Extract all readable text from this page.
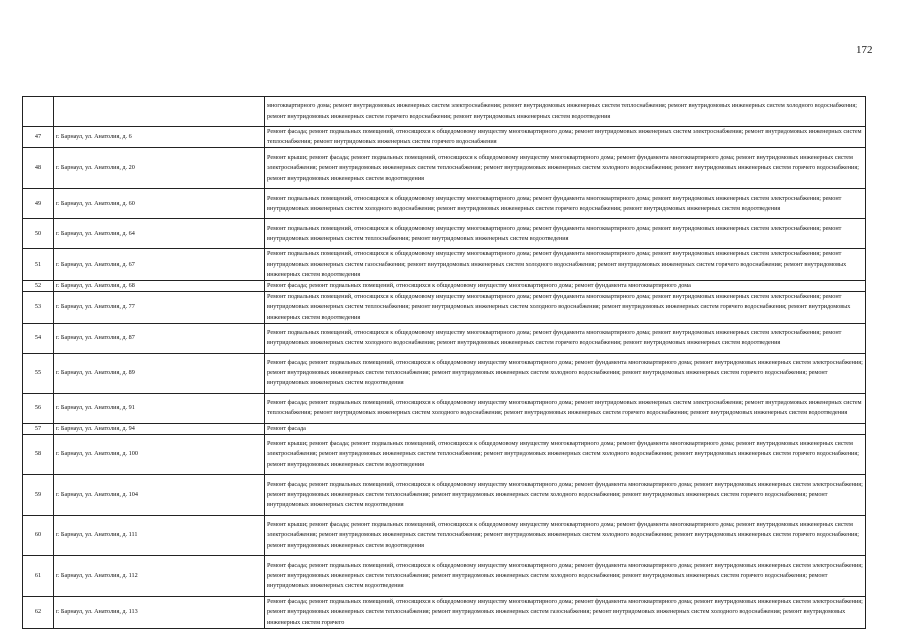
172
		многоквартирного дома; ремонт внутридомовых инженерных систем электроснабжения; ремонт внутридомовых инженерных систем теплоснабжения; ремонт внутридомовых инженерных систем холодного водоснабжения; ремонт внутридомовых инженерных систем горячего водоснабжения; ремонт внутридомовых инженерных систем водоотведения
47	г. Барнаул, ул. Анатолия, д. 6	Ремонт фасада; ремонт подвальных помещений, относящихся к общедомовому имуществу многоквартирного дома; ремонт внутридомовых инженерных систем электроснабжения; ремонт внутридомовых инженерных систем теплоснабжения; ремонт внутридомовых инженерных систем горячего водоснабжения
48	г. Барнаул, ул. Анатолия, д. 20	Ремонт крыши; ремонт фасада; ремонт подвальных помещений, относящихся к общедомовому имуществу многоквартирного дома; ремонт фундамента многоквартирного дома; ремонт внутридомовых инженерных систем электроснабжения; ремонт внутридомовых инженерных систем теплоснабжения; ремонт внутридомовых инженерных систем холодного водоснабжения; ремонт внутридомовых инженерных систем горячего водоснабжения; ремонт внутридомовых инженерных систем водоотведения
49	г. Барнаул, ул. Анатолия, д. 60	Ремонт подвальных помещений, относящихся к общедомовому имуществу многоквартирного дома; ремонт фундамента многоквартирного дома; ремонт внутридомовых инженерных систем электроснабжения; ремонт внутридомовых инженерных систем холодного водоснабжения; ремонт внутридомовых инженерных систем горячего водоснабжения; ремонт внутридомовых инженерных систем водоотведения
50	г. Барнаул, ул. Анатолия, д. 64	Ремонт подвальных помещений, относящихся к общедомовому имуществу многоквартирного дома; ремонт фундамента многоквартирного дома; ремонт внутридомовых инженерных систем электроснабжения; ремонт внутридомовых инженерных систем теплоснабжения; ремонт внутридомовых инженерных систем водоотведения
51	г. Барнаул, ул. Анатолия, д. 67	Ремонт подвальных помещений, относящихся к общедомовому имуществу многоквартирного дома; ремонт фундамента многоквартирного дома; ремонт внутридомовых инженерных систем электроснабжения; ремонт внутридомовых инженерных систем газоснабжения; ремонт внутридомовых инженерных систем холодного водоснабжения; ремонт внутридомовых инженерных систем горячего водоснабжения; ремонт внутридомовых инженерных систем водоотведения
52	г. Барнаул, ул. Анатолия, д. 68	Ремонт фасада; ремонт подвальных помещений, относящихся к общедомовому имуществу многоквартирного дома; ремонт фундамента многоквартирного дома
53	г. Барнаул, ул. Анатолия, д. 77	Ремонт подвальных помещений, относящихся к общедомовому имуществу многоквартирного дома; ремонт фундамента многоквартирного дома; ремонт внутридомовых инженерных систем электроснабжения; ремонт внутридомовых инженерных систем теплоснабжения; ремонт внутридомовых инженерных систем холодного водоснабжения; ремонт внутридомовых инженерных систем горячего водоснабжения; ремонт внутридомовых инженерных систем водоотведения
54	г. Барнаул, ул. Анатолия, д. 87	Ремонт подвальных помещений, относящихся к общедомовому имуществу многоквартирного дома; ремонт фундамента многоквартирного дома; ремонт внутридомовых инженерных систем электроснабжения; ремонт внутридомовых инженерных систем холодного водоснабжения; ремонт внутридомовых инженерных систем горячего водоснабжения; ремонт внутридомовых инженерных систем водоотведения
55	г. Барнаул, ул. Анатолия, д. 89	Ремонт фасада; ремонт подвальных помещений, относящихся к общедомовому имуществу многоквартирного дома; ремонт фундамента многоквартирного дома; ремонт внутридомовых инженерных систем электроснабжения; ремонт внутридомовых инженерных систем теплоснабжения; ремонт внутридомовых инженерных систем холодного водоснабжения; ремонт внутридомовых инженерных систем горячего водоснабжения; ремонт внутридомовых инженерных систем водоотведения
56	г. Барнаул, ул. Анатолия, д. 91	Ремонт фасада; ремонт подвальных помещений, относящихся к общедомовому имуществу многоквартирного дома; ремонт внутридомовых инженерных систем электроснабжения; ремонт внутридомовых инженерных систем теплоснабжения; ремонт внутридомовых инженерных систем холодного водоснабжения; ремонт внутридомовых инженерных систем горячего водоснабжения; ремонт внутридомовых инженерных систем водоотведения
57	г. Барнаул, ул. Анатолия, д. 94	Ремонт фасада
58	г. Барнаул, ул. Анатолия, д. 100	Ремонт крыши; ремонт фасада; ремонт подвальных помещений, относящихся к общедомовому имуществу многоквартирного дома; ремонт фундамента многоквартирного дома; ремонт внутридомовых инженерных систем электроснабжения; ремонт внутридомовых инженерных систем теплоснабжения; ремонт внутридомовых инженерных систем холодного водоснабжения; ремонт внутридомовых инженерных систем горячего водоснабжения; ремонт внутридомовых инженерных систем водоотведения
59	г. Барнаул, ул. Анатолия, д. 104	Ремонт фасада; ремонт подвальных помещений, относящихся к общедомовому имуществу многоквартирного дома; ремонт фундамента многоквартирного дома; ремонт внутридомовых инженерных систем электроснабжения; ремонт внутридомовых инженерных систем теплоснабжения; ремонт внутридомовых инженерных систем холодного водоснабжения; ремонт внутридомовых инженерных систем горячего водоснабжения; ремонт внутридомовых инженерных систем водоотведения
60	г. Барнаул, ул. Анатолия, д. 111	Ремонт крыши; ремонт фасада; ремонт подвальных помещений, относящихся к общедомовому имуществу многоквартирного дома; ремонт фундамента многоквартирного дома; ремонт внутридомовых инженерных систем электроснабжения; ремонт внутридомовых инженерных систем теплоснабжения; ремонт внутридомовых инженерных систем холодного водоснабжения; ремонт внутридомовых инженерных систем горячего водоснабжения; ремонт внутридомовых инженерных систем водоотведения
61	г. Барнаул, ул. Анатолия, д. 112	Ремонт фасада; ремонт подвальных помещений, относящихся к общедомовому имуществу многоквартирного дома; ремонт фундамента многоквартирного дома; ремонт внутридомовых инженерных систем электроснабжения; ремонт внутридомовых инженерных систем теплоснабжения; ремонт внутридомовых инженерных систем холодного водоснабжения; ремонт внутридомовых инженерных систем горячего водоснабжения; ремонт внутридомовых инженерных систем водоотведения
62	г. Барнаул, ул. Анатолия, д. 113	Ремонт фасада; ремонт подвальных помещений, относящихся к общедомовому имуществу многоквартирного дома; ремонт фундамента многоквартирного дома; ремонт внутридомовых инженерных систем электроснабжения; ремонт внутридомовых инженерных систем теплоснабжения; ремонт внутридомовых инженерных систем газоснабжения; ремонт внутридомовых инженерных систем холодного водоснабжения; ремонт внутридомовых инженерных систем горячего
